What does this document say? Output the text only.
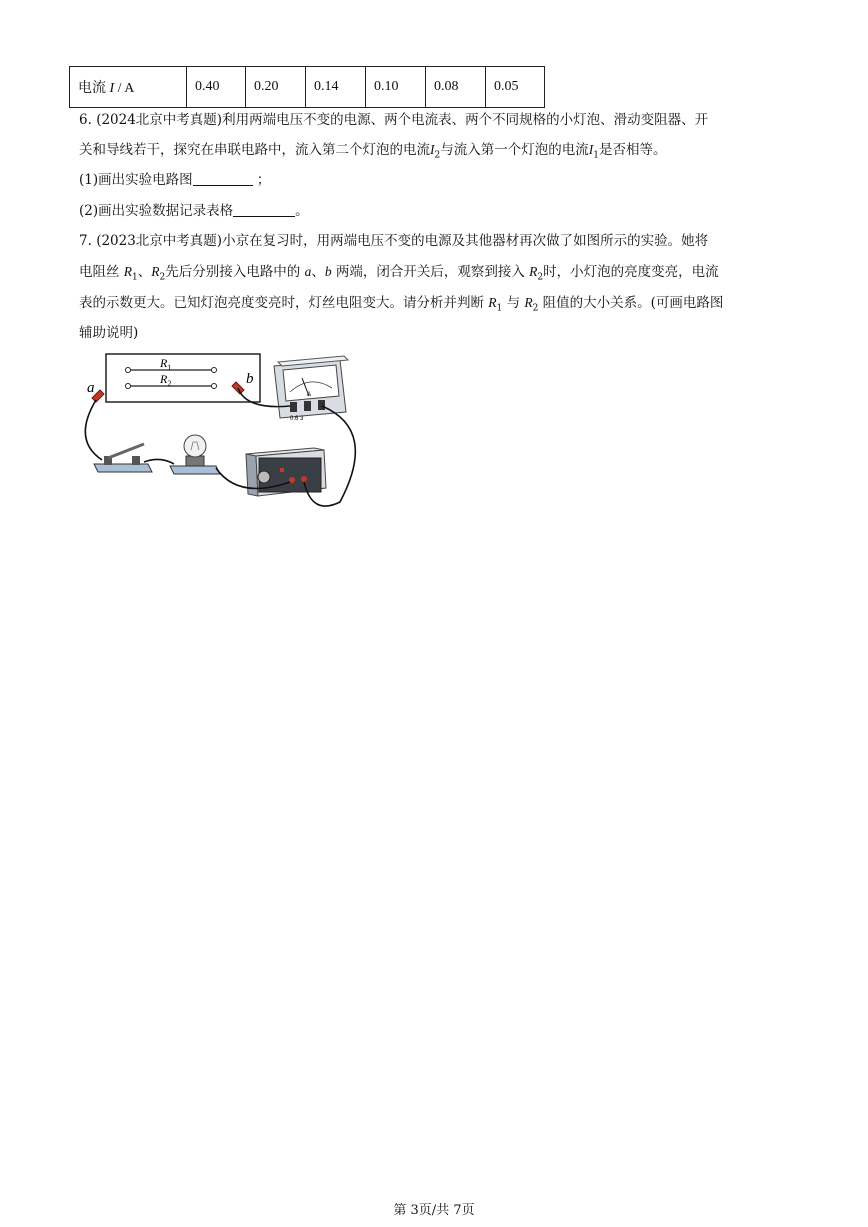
电流 I / A	0.40	0.20	0.14	0.10	0.08	0.05
6. (2024北京中考真题)利用两端电压不变的电源、两个电流表、两个不同规格的小灯泡、滑动变阻器、开
关和导线若干，探究在串联电路中，流入第二个灯泡的电流$I_2$与流入第一个灯泡的电流$I_1$是否相等。
(1)画出实验电路图	；
(2)画出实验数据记录表格	。
7. (2023北京中考真题)小京在复习时，用两端电压不变的电源及其他器材再次做了如图所示的实验。她将
电阻丝 $R_1$、$R_2$先后分别接入电路中的 a、b 两端，闭合开关后，观察到接入 $R_2$时，小灯泡的亮度变亮，电流
表的示数更大。已知灯泡亮度变亮时，灯丝电阻变大。请分析并判断 $R_1$ 与 $R_2$ 阻值的大小关系。(可画电路图
辅助说明)
$R_1$
$R_2$
a
b
A
0.6 3
第 3页/共 7页
